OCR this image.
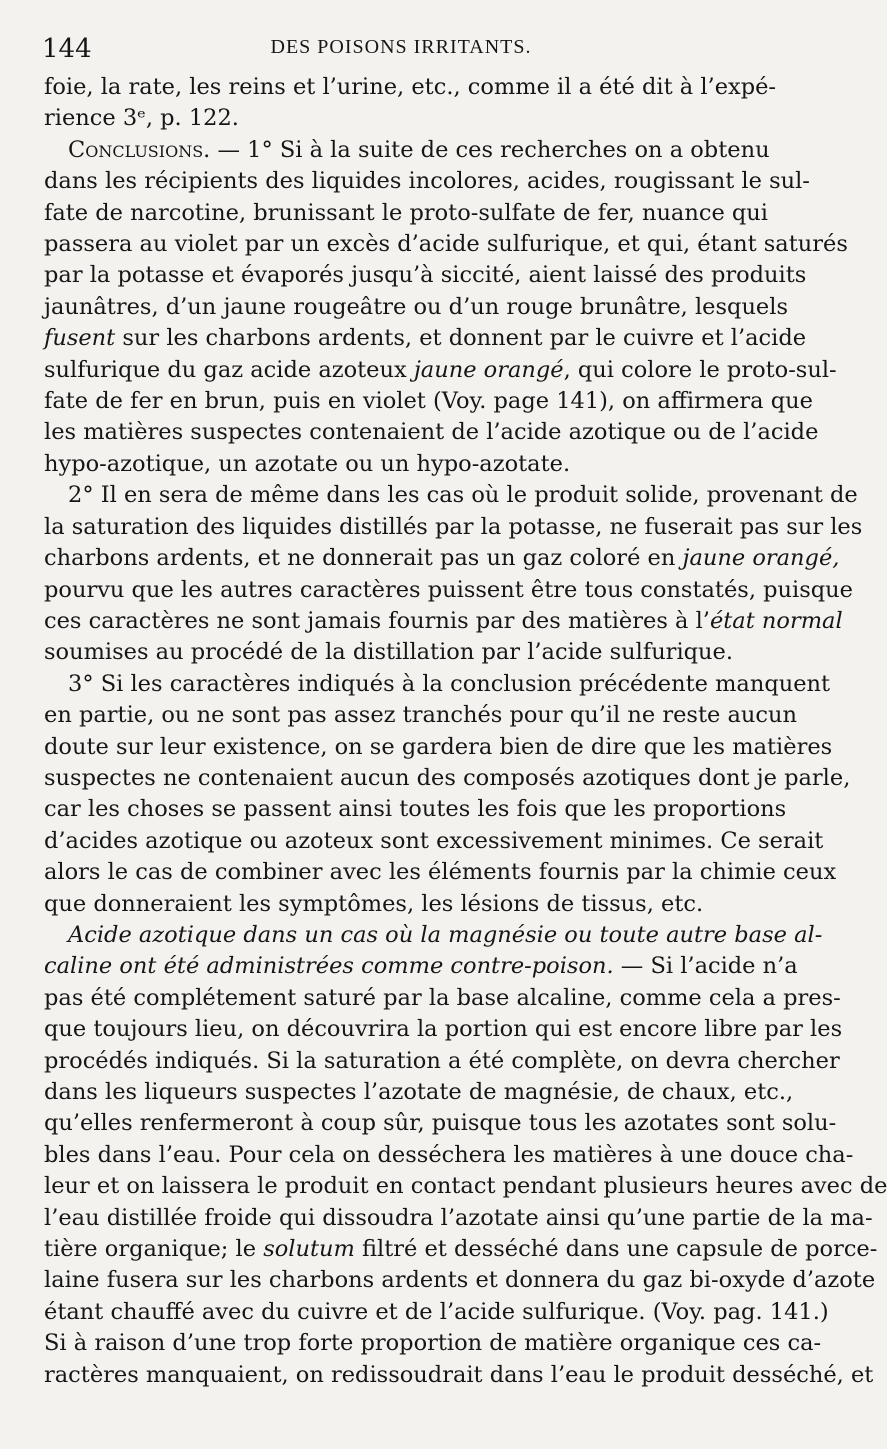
144	DES POISONS IRRITANTS.
foie, la rate, les reins et l’urine, etc., comme il a été dit à l’expé-
rience 3ᵉ, p. 122.
Conclusions. — 1° Si à la suite de ces recherches on a obtenu
dans les récipients des liquides incolores, acides, rougissant le sul-
fate de narcotine, brunissant le proto-sulfate de fer, nuance qui
passera au violet par un excès d’acide sulfurique, et qui, étant saturés
par la potasse et évaporés jusqu’à siccité, aient laissé des produits
jaunâtres, d’un jaune rougeâtre ou d’un rouge brunâtre, lesquels
fusent sur les charbons ardents, et donnent par le cuivre et l’acide
sulfurique du gaz acide azoteux jaune orangé, qui colore le proto-sul-
fate de fer en brun, puis en violet (Voy. page 141), on affirmera que
les matières suspectes contenaient de l’acide azotique ou de l’acide
hypo-azotique, un azotate ou un hypo-azotate.
2° Il en sera de même dans les cas où le produit solide, provenant de
la saturation des liquides distillés par la potasse, ne fuserait pas sur les
charbons ardents, et ne donnerait pas un gaz coloré en jaune orangé,
pourvu que les autres caractères puissent être tous constatés, puisque
ces caractères ne sont jamais fournis par des matières à l’état normal
soumises au procédé de la distillation par l’acide sulfurique.
3° Si les caractères indiqués à la conclusion précédente manquent
en partie, ou ne sont pas assez tranchés pour qu’il ne reste aucun
doute sur leur existence, on se gardera bien de dire que les matières
suspectes ne contenaient aucun des composés azotiques dont je parle,
car les choses se passent ainsi toutes les fois que les proportions
d’acides azotique ou azoteux sont excessivement minimes. Ce serait
alors le cas de combiner avec les éléments fournis par la chimie ceux
que donneraient les symptômes, les lésions de tissus, etc.
Acide azotique dans un cas où la magnésie ou toute autre base al-
caline ont été administrées comme contre-poison. — Si l’acide n’a
pas été complétement saturé par la base alcaline, comme cela a pres-
que toujours lieu, on découvrira la portion qui est encore libre par les
procédés indiqués. Si la saturation a été complète, on devra chercher
dans les liqueurs suspectes l’azotate de magnésie, de chaux, etc.,
qu’elles renfermeront à coup sûr, puisque tous les azotates sont solu-
bles dans l’eau. Pour cela on desséchera les matières à une douce cha-
leur et on laissera le produit en contact pendant plusieurs heures avec de
l’eau distillée froide qui dissoudra l’azotate ainsi qu’une partie de la ma-
tière organique; le solutum filtré et desséché dans une capsule de porce-
laine fusera sur les charbons ardents et donnera du gaz bi-oxyde d’azote
étant chauffé avec du cuivre et de l’acide sulfurique. (Voy. pag. 141.)
Si à raison d’une trop forte proportion de matière organique ces ca-
ractères manquaient, on redissoudrait dans l’eau le produit desséché, et
